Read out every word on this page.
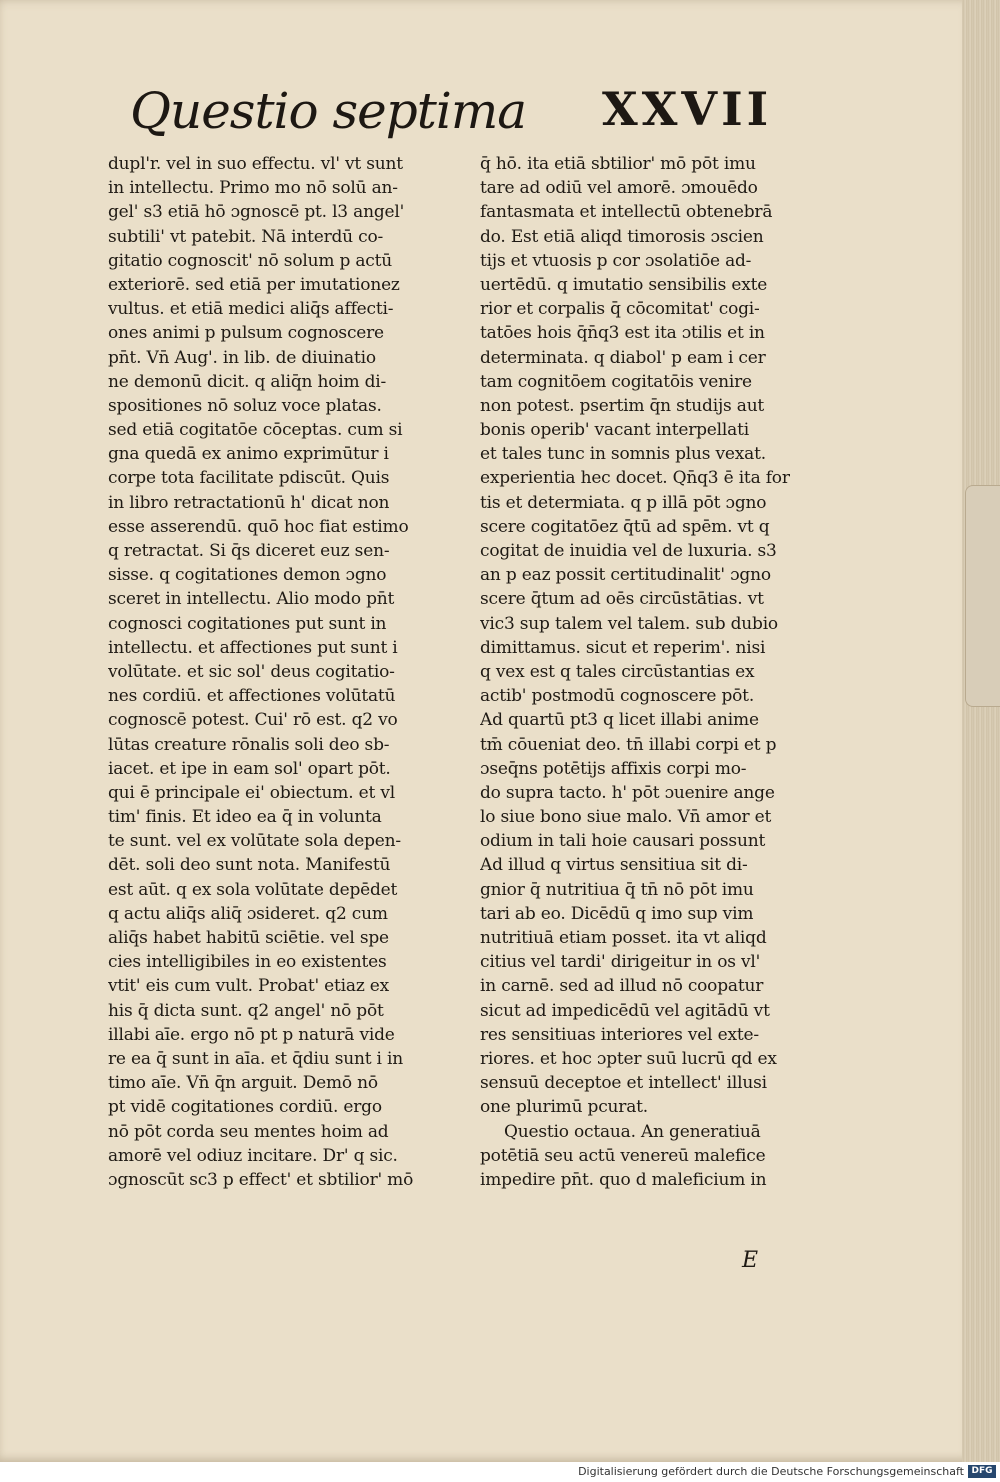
Questio septima XXVII
dupl'r. vel in suo effectu. vl' vt sunt
in intellectu. Primo mo nō solū an-
gel' s3 etiā hō ɔgnoscē pt. l3 angel'
subtili' vt patebit. Nā interdū co-
gitatio cognoscit' nō solum p actū
exteriorē. sed etiā per imutationez
vultus. et etiā medici aliq̄s affecti-
ones animi p pulsum cognoscere
pn̄t. Vn̄ Aug'. in lib. de diuinatio
ne demonū dicit. q aliq̄n hoim di-
spositiones nō soluz voce platas.
sed etiā cogitatōe cōceptas. cum si
gna quedā ex animo exprimūtur i
corpe tota facilitate pdiscūt. Quis
in libro retractationū h' dicat non
esse asserendū. quō hoc fiat estimo
q retractat. Si q̄s diceret euz sen-
sisse. q cogitationes demon ɔgno
sceret in intellectu. Alio modo pn̄t
cognosci cogitationes put sunt in
intellectu. et affectiones put sunt i
volūtate. et sic sol' deus cogitatio-
nes cordiū. et affectiones volūtatū
cognoscē potest. Cui' rō est. q2 vo
lūtas creature rōnalis soli deo sb-
iacet. et ipe in eam sol' opart pōt.
qui ē principale ei' obiectum. et vl
tim' finis. Et ideo ea q̄ in volunta
te sunt. vel ex volūtate sola depen-
dēt. soli deo sunt nota. Manifestū
est aūt. q ex sola volūtate depēdet
q actu aliq̄s aliq̄ ɔsideret. q2 cum
aliq̄s habet habitū sciētie. vel spe
cies intelligibiles in eo existentes
vtit' eis cum vult. Probat' etiaz ex
his q̄ dicta sunt. q2 angel' nō pōt
illabi aīe. ergo nō pt p naturā vide
re ea q̄ sunt in aīa. et q̄diu sunt i in
timo aīe. Vn̄ q̄n arguit. Demō nō
pt vidē cogitationes cordiū. ergo
nō pōt corda seu mentes hoim ad
amorē vel odiuz incitare. Dr' q sic.
ɔgnoscūt sc3 p effect' et sbtilior' mō
q̄ hō. ita etiā sbtilior' mō pōt imu
tare ad odiū vel amorē. ɔmouēdo
fantasmata et intellectū obtenebrā
do. Est etiā aliqd timorosis ɔscien
tijs et vtuosis p cor ɔsolatiōe ad-
uertēdū. q imutatio sensibilis exte
rior et corpalis q̄ cōcomitat' cogi-
tatōes hois q̄n̄q3 est ita ɔtilis et in
determinata. q diabol' p eam i cer
tam cognitōem cogitatōis venire
non potest. psertim q̄n studijs aut
bonis operib' vacant interpellati
et tales tunc in somnis plus vexat.
experientia hec docet. Qn̄q3 ē ita for
tis et determiata. q p illā pōt ɔgno
scere cogitatōez q̄tū ad spēm. vt q
cogitat de inuidia vel de luxuria. s3
an p eaz possit certitudinalit' ɔgno
scere q̄tum ad oēs circūstātias. vt
vic3 sup talem vel talem. sub dubio
dimittamus. sicut et reperim'. nisi
q vex est q tales circūstantias ex
actib' postmodū cognoscere pōt.
Ad quartū pt3 q licet illabi anime
tm̄ cōueniat deo. tn̄ illabi corpi et p
ɔseq̄ns potētijs affixis corpi mo-
do supra tacto. h' pōt ɔuenire ange
lo siue bono siue malo. Vn̄ amor et
odium in tali hoie causari possunt
Ad illud q virtus sensitiua sit di-
gnior q̄ nutritiua q̄ tn̄ nō pōt imu
tari ab eo. Dicēdū q imo sup vim
nutritiuā etiam posset. ita vt aliqd
citius vel tardi' dirigeitur in os vl'
in carnē. sed ad illud nō coopatur
sicut ad impedicēdū vel agitādū vt
res sensitiuas interiores vel exte-
riores. et hoc ɔpter suū lucrū qd ex
sensuū deceptoe et intellect' illusi
one plurimū pcurat.
Questio octaua. An generatiuā
potētiā seu actū venereū malefice
impedire pn̄t. quo d maleficium in
E
Digitalisierung gefördert durch die Deutsche Forschungsgemeinschaft DFG
